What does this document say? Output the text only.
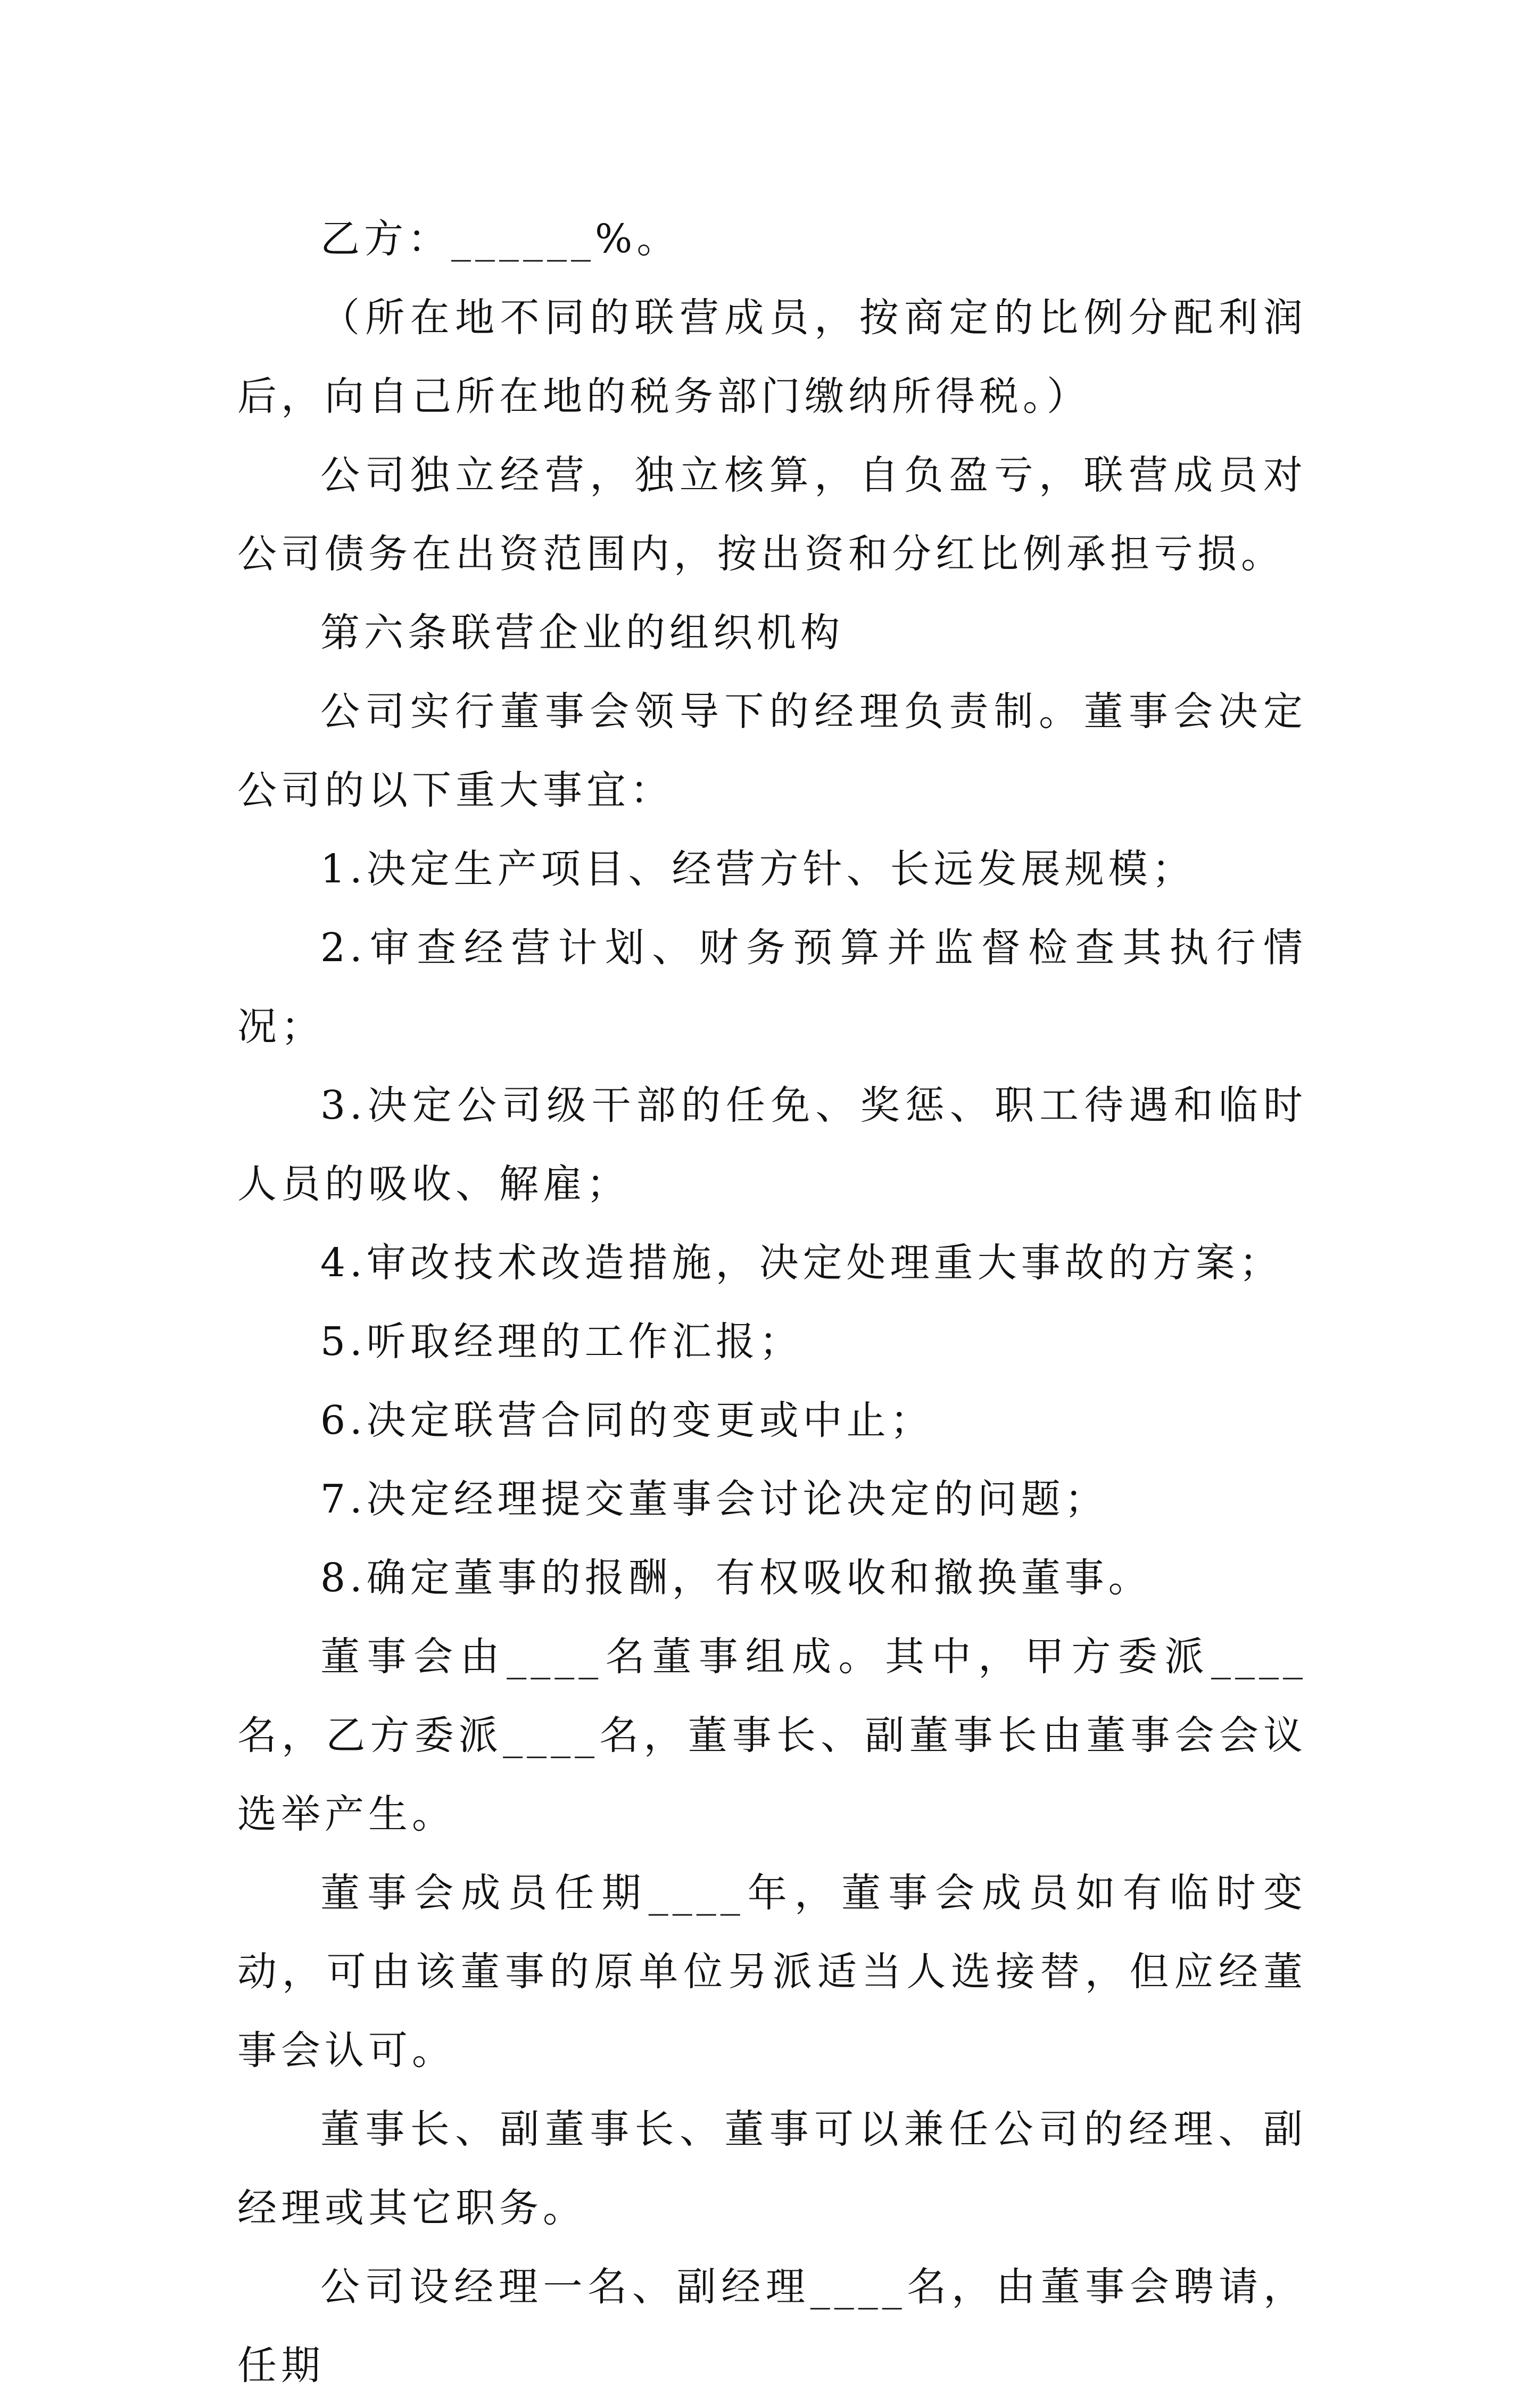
乙方：______%。

（所在地不同的联营成员，按商定的比例分配利润后，向自己所在地的税务部门缴纳所得税。）

公司独立经营，独立核算，自负盈亏，联营成员对公司债务在出资范围内，按出资和分红比例承担亏损。

第六条联营企业的组织机构

公司实行董事会领导下的经理负责制。董事会决定公司的以下重大事宜：

1.决定生产项目、经营方针、长远发展规模；

2.审查经营计划、财务预算并监督检查其执行情况；

3.决定公司级干部的任免、奖惩、职工待遇和临时人员的吸收、解雇；

4.审改技术改造措施，决定处理重大事故的方案；

5.听取经理的工作汇报；

6.决定联营合同的变更或中止；

7.决定经理提交董事会讨论决定的问题；

8.确定董事的报酬，有权吸收和撤换董事。

董事会由____名董事组成。其中，甲方委派____名，乙方委派____名，董事长、副董事长由董事会会议选举产生。

董事会成员任期____年，董事会成员如有临时变动，可由该董事的原单位另派适当人选接替，但应经董事会认可。

董事长、副董事长、董事可以兼任公司的经理、副经理或其它职务。

公司设经理一名、副经理____名，由董事会聘请，任期
